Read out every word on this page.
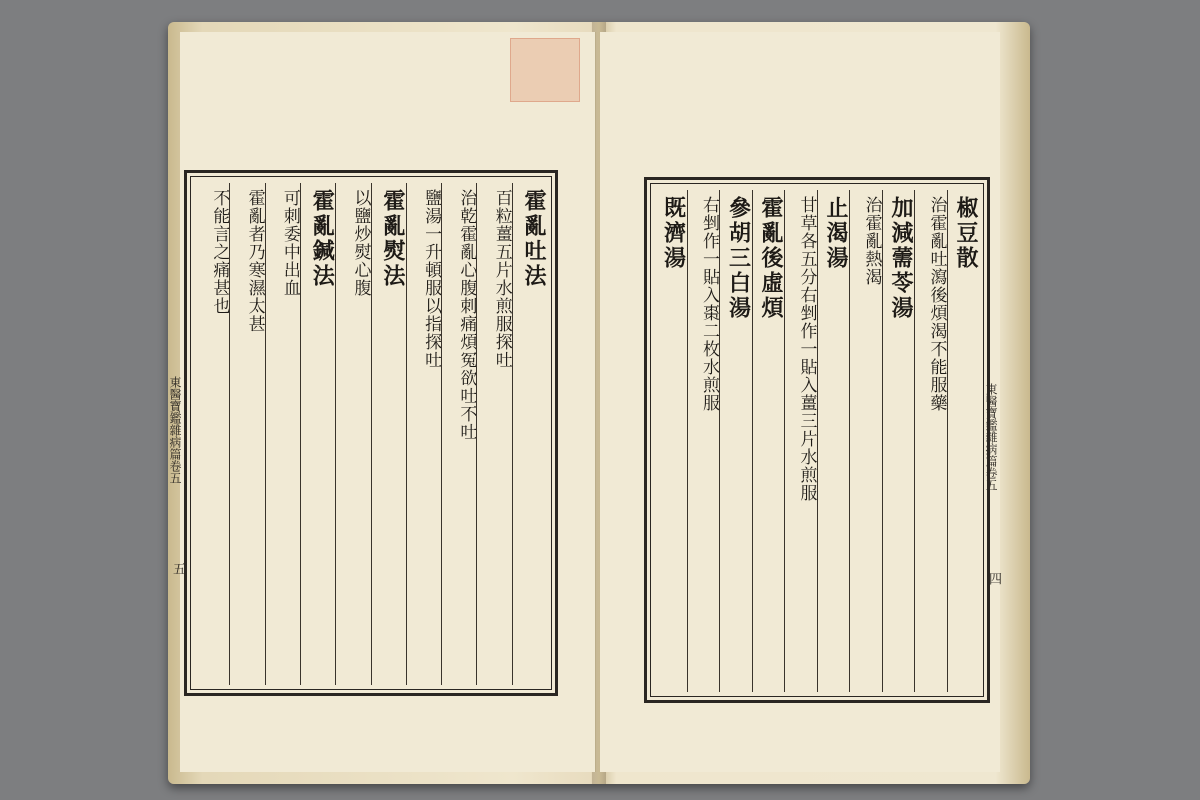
東醫寶鑑雜病篇卷五
霍亂吐法
百粒薑五片水煎服探吐
治乾霍亂心腹刺痛煩冤欲吐不吐
鹽湯一升頓服以指探吐
霍亂熨法
以鹽炒熨心腹
霍亂鍼法
可刺委中出血
霍亂者乃寒濕太甚
不能言之痛甚也
五
東醫寶鑑雜病篇卷五
椒豆散
治霍亂吐瀉後煩渴不能服藥
加減薷苓湯
治霍亂熱渴
止渴湯
甘草各五分右剉作一貼入薑三片水煎服
霍亂後虛煩
參胡三白湯
右剉作一貼入棗二枚水煎服
既濟湯
四
